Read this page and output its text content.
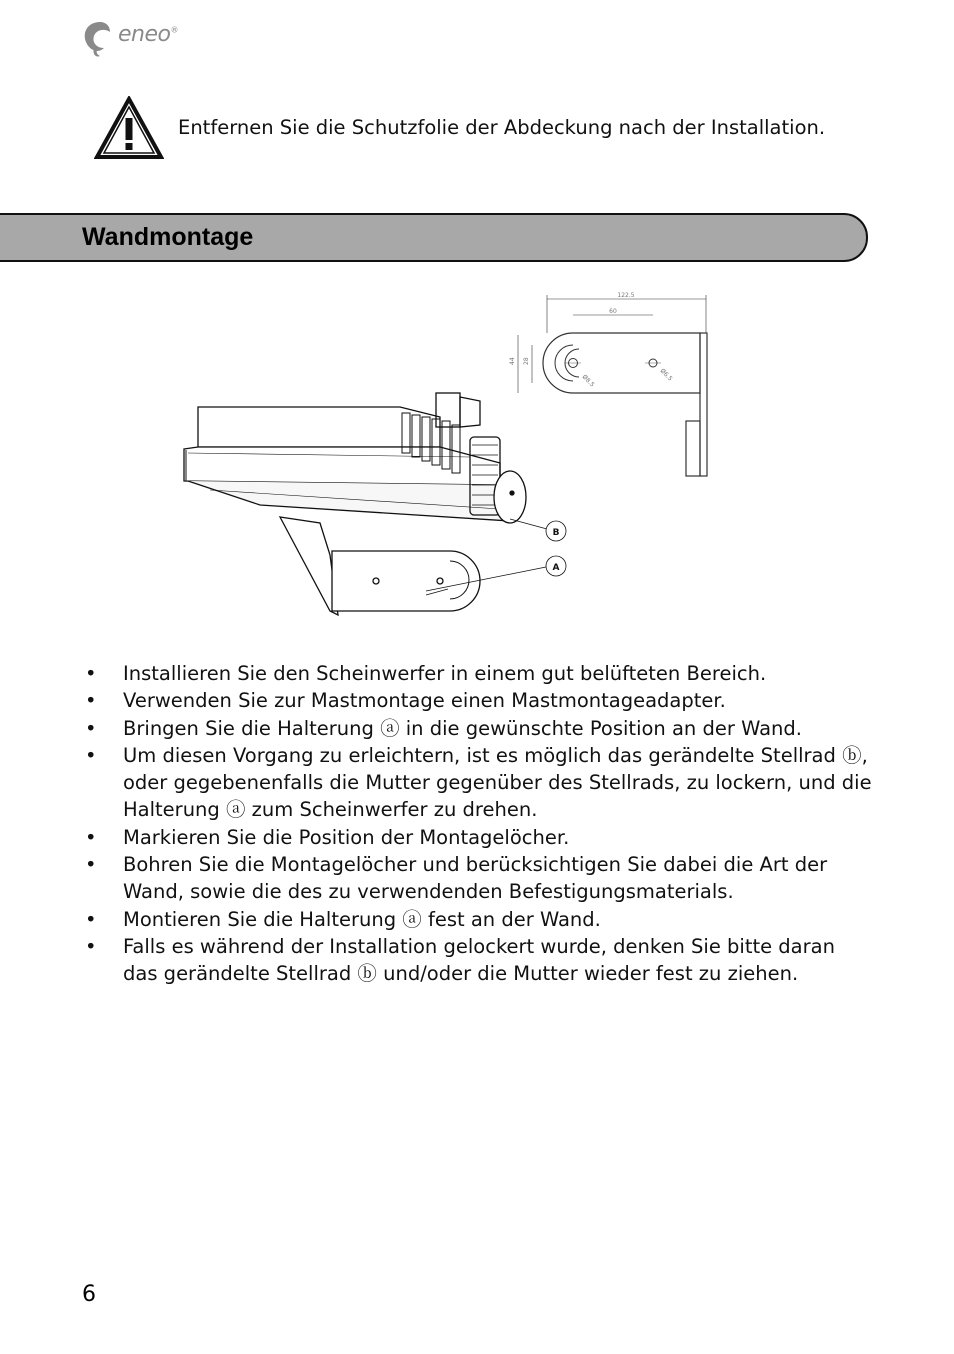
eneo®
Entfernen Sie die Schutzfolie der Abdeckung nach der Installation.
Wandmontage
122.5
60
44 28
Ø8.5	Ø6.5
B
A
• Installieren Sie den Scheinwerfer in einem gut belüfteten Bereich.
• Verwenden Sie zur Mastmontage einen Mastmontageadapter.
• Bringen Sie die Halterung ⓐ in die gewünschte Position an der Wand.
• Um diesen Vorgang zu erleichtern, ist es möglich das gerändelte Stellrad ⓑ, oder gegebenenfalls die Mutter gegenüber des Stellrads, zu lockern, und die Halterung ⓐ zum Scheinwerfer zu drehen.
• Markieren Sie die Position der Montagelöcher.
• Bohren Sie die Montagelöcher und berücksichtigen Sie dabei die Art der Wand, sowie die des zu verwendenden Befestigungsmaterials.
• Montieren Sie die Halterung ⓐ fest an der Wand.
• Falls es während der Installation gelockert wurde, denken Sie bitte daran das gerändelte Stellrad ⓑ und/oder die Mutter wieder fest zu ziehen.
6
